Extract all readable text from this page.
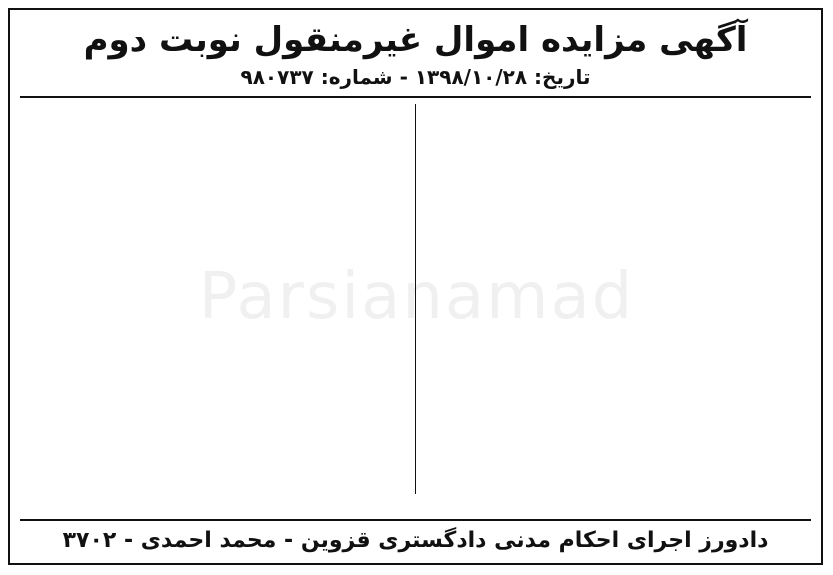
آگهی مزایده اموال غیرمنقول نوبت دوم
تاریخ: ۱۳۹۸/۱۰/۲۸ - شماره: ۹۸۰۷۳۷
دادورز اجرای احکام مدنی دادگستری قزوین - محمد احمدی - ۳۷۰۲
Parsianamad
